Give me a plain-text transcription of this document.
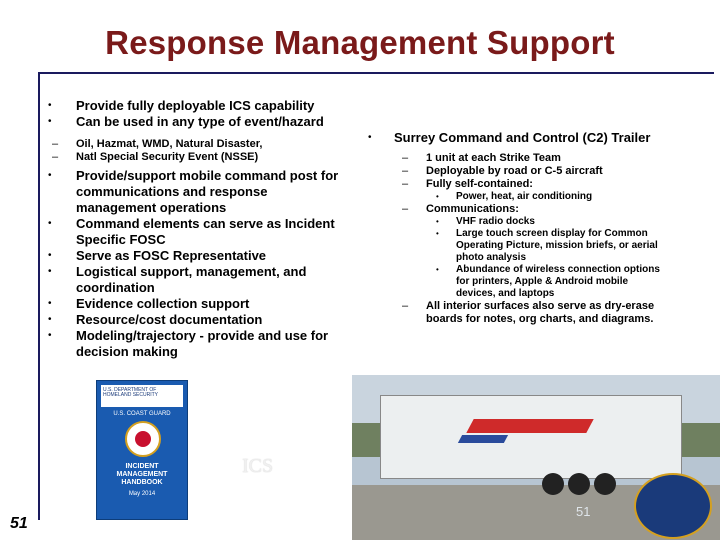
Response Management Support
• Provide fully deployable ICS capability
• Can be used in any type of event/hazard
– Oil, Hazmat, WMD, Natural Disaster,
– Natl Special Security Event (NSSE)
• Provide/support mobile command post for communications and response management operations
• Command elements can serve as Incident Specific FOSC
• Serve as FOSC Representative
• Logistical support, management, and coordination
• Evidence collection support
• Resource/cost documentation
• Modeling/trajectory - provide and use for decision making
• Surrey Command and Control (C2) Trailer
– 1 unit at each Strike Team
– Deployable by road or C-5 aircraft
– Fully self-contained:
• Power, heat, air conditioning
– Communications:
• VHF radio docks
• Large touch screen display for Common Operating Picture, mission briefs, or aerial photo analysis
• Abundance of wireless connection options for printers, Apple & Android mobile devices, and laptops
– All interior surfaces also serve as dry-erase boards for notes, org charts, and diagrams.
U.S. DEPARTMENT OF HOMELAND SECURITY
U.S. COAST GUARD
INCIDENT MANAGEMENT HANDBOOK
May 2014
ICS
51
51
